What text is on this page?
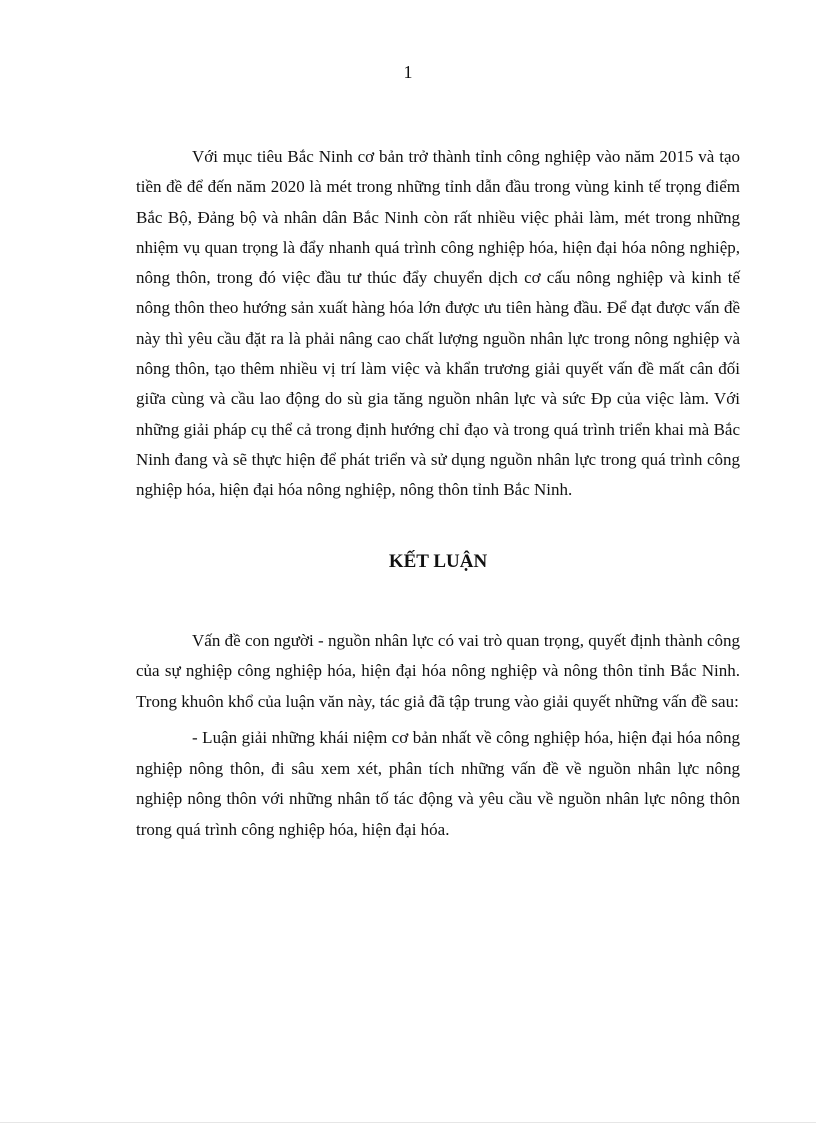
1

Với mục tiêu Bắc Ninh cơ bản trở thành tỉnh công nghiệp vào năm 2015 và tạo tiền đề để đến năm 2020 là mét trong những tỉnh dẫn đầu trong vùng kinh tế trọng điểm Bắc Bộ, Đảng bộ và nhân dân Bắc Ninh còn rất nhiều việc phải làm, mét trong những nhiệm vụ quan trọng là đẩy nhanh quá trình công nghiệp hóa, hiện đại hóa nông nghiệp, nông thôn, trong đó việc đầu tư thúc đẩy chuyển dịch cơ cấu nông nghiệp và kinh tế nông thôn theo hướng sản xuất hàng hóa lớn được ưu tiên hàng đầu. Để đạt được vấn đề này thì yêu cầu đặt ra là phải nâng cao chất lượng nguồn nhân lực trong nông nghiệp và nông thôn, tạo thêm nhiều vị trí làm việc và khẩn trương giải quyết vấn đề mất cân đối giữa cùng và cầu lao động do sù gia tăng nguồn nhân lực và sức Ðp của việc làm. Với những giải pháp cụ thể cả trong định hướng chỉ đạo và trong quá trình triển khai mà Bắc Ninh đang và sẽ thực hiện để phát triển và sử dụng nguồn nhân lực trong quá trình công nghiệp hóa, hiện đại hóa nông nghiệp, nông thôn tỉnh Bắc Ninh.

KẾT LUẬN

Vấn đề con người - nguồn nhân lực có vai trò quan trọng, quyết định thành công của sự nghiệp công nghiệp hóa, hiện đại hóa nông nghiệp và nông thôn tỉnh Bắc Ninh. Trong khuôn khổ của luận văn này, tác giả đã tập trung vào giải quyết những vấn đề sau:

- Luận giải những khái niệm cơ bản nhất về công nghiệp hóa, hiện đại hóa nông nghiệp nông thôn, đi sâu xem xét, phân tích những vấn đề về nguồn nhân lực nông nghiệp nông thôn với những nhân tố tác động và yêu cầu về nguồn nhân lực nông thôn trong quá trình công nghiệp hóa, hiện đại hóa.
